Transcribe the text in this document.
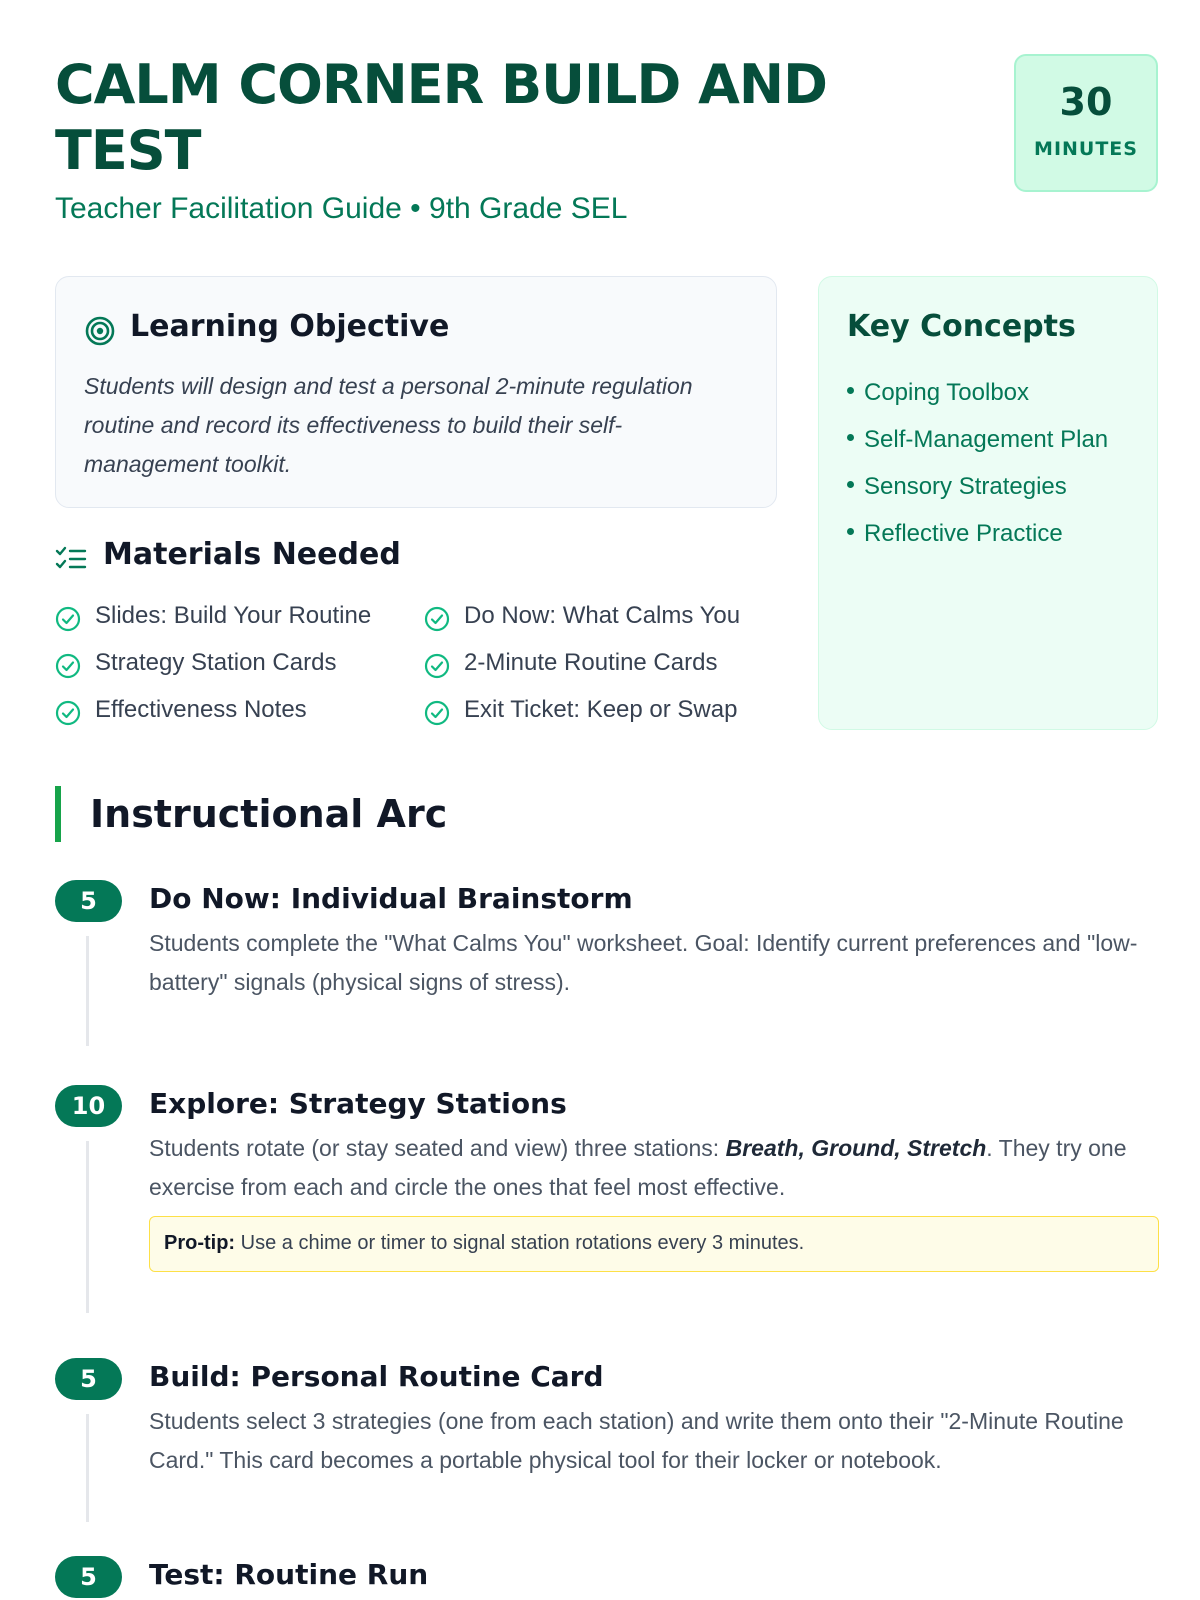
CALM CORNER BUILD AND TEST
Teacher Facilitation Guide • 9th Grade SEL
30
MINUTES
Learning Objective

Students will design and test a personal 2-minute regulation routine and record its effectiveness to build their self-management toolkit.

Key Concepts
Coping Toolbox
Self-Management Plan
Sensory Strategies
Reflective Practice
Materials Needed
Slides: Build Your Routine	Do Now: What Calms You
Strategy Station Cards	2-Minute Routine Cards
Effectiveness Notes	Exit Ticket: Keep or Swap
Instructional Arc
5	Do Now: Individual Brainstorm

Students complete the "What Calms You" worksheet. Goal: Identify current preferences and "low-battery" signals (physical signs of stress).

10	Explore: Strategy Stations

Students rotate (or stay seated and view) three stations: Breath, Ground, Stretch. They try one exercise from each and circle the ones that feel most effective.

Pro-tip: Use a chime or timer to signal station rotations every 3 minutes.
5	Build: Personal Routine Card

Students select 3 strategies (one from each station) and write them onto their "2-Minute Routine Card." This card becomes a portable physical tool for their locker or notebook.

5	Test: Routine Run
